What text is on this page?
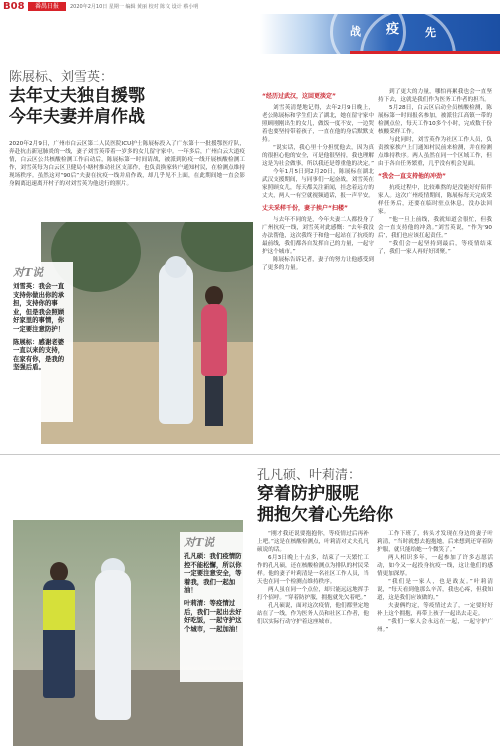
B08	番禺日报	2020年2月10日 星期一 编辑 黄丽 校对 陈文 设计 蔡小明
战 疫 先
陈展标、刘雪英：
去年丈夫独自援鄂
今年夫妻并肩作战
2020年2月9日，广州市白云区第二人民医院ICU护士陈展标投入了广东第十一批援鄂医疗队，奔赴抗击新冠肺炎的一线，妻子刘雪英带着一岁多的女儿留守家中。一年多后，广州白云大道疫情，白云区公共核酸检测工作启动后，陈展标第一时间请战，被派到防疫一线开展核酸检测工作，刘雪英每为白云区卫健局小塘村推动社区支部作，也负责换家转户通知村民，在检测点维持现场秩序。虽然这对“90后”夫妻在抗疫一线并肩作战，却几乎见不上面，在此期间她一直会影身隔离迅速离开村子的对刘雪英为他送行的照片。
对T说

刘雪英：我会一直支持你做出你的承担，支持你的事业，但是我会照顾好家里的事情，你一定要注意防护！

陈展标：感谢老婆一直以来的支持，在家有你，是我的坚强后盾。

“经历过武汉，这回更淡定”

刘雪英清楚地记得，去年2月9日晚上，老公陈展标和学生们去了湖北，她在留守家中照顾刚刚出生的女儿，做饭一度不安，一边哭着也要坚持带着孩子，一直在他的身后默默支持。

“说实话，我心里十分担忧他去，因为真的很担心他的安全，可是他很坚持，我也理解这是为社会做事，所以我还是尊重他的决定。”

今年1月5日到2月20日，陈展标在湖北武汉支援期间，与同事们一起奋战，刘雪英在家照顾女儿，每天都关注新闻，挂念着远方的丈夫，两人一有空就视频通话，报一声平安。

丈夫采样千份，妻子挨户“扫楼”

与去年不同的是，今年夫妻二人都投身了广州抗疫一线，刘雪英对此感慨：“去年我没办法帮他，这次我终于和他一起站在了抗疫的最前线，我们都各自发挥自己的力量，一起守护这个城市。”

陈展标告诉记者，妻子的努力让他感受到了更多的力量。

到了更大的力量，哪怕再累我也会一直坚持下去，这就是我们作为医务工作者的担当。

5月28日，白云区启动全员核酸检测，陈展标第一时间报名参加，被派往江高镇一带的检测点位，每天工作10多个小时，完成数千份核酸采样工作。

与此同时，刘雪英作为社区工作人员，负责挨家挨户上门通知村民前来检测，并在检测点维持秩序。两人虽然在同一个区域工作，但由于各自任务繁重，几乎没有机会见面。

“我会一直支持他的冲劲”

抗疫过程中，比较难熬的是没能好好陪伴家人。这次广州疫情期间，陈展标每天完成采样任务后，还要在临时驻点休息，没办法回家。

“他一旦上前线，我就知道会很忙，但我会一直支持他的冲劲。”刘雪英说，“作为‘90后’，我们也应该扛起责任。”

“我们会一起坚持到最后，等疫情结束了，我们一家人再好好团聚。”

孔凡硕、叶莉清：
穿着防护服呢
拥抱欠着心先给你
对T说

孔凡硕：我们疫情防控不能松懈，所以你一定要注意安全，等着我，我们一起加油！

叶莉清：等疫情过后，我们一起出去好好吃饭，一起守护这个城市，一起加油！

“刚才我还说要抱抱你，等疫情过后再补上吧。”这是在核酸检测点，叶莉清对丈夫孔凡硕说的话。

6月3日晚上十点多，结束了一天繁忙工作的孔凡硕，还在核酸检测点为排队的村民采样。他的妻子叶莉清是一名社区工作人员，当天也在同一个检测点维持秩序。

两人虽在同一个点位，却只能远远地挥手打个招呼。“穿着防护服，拥抱就先欠着吧。”

孔凡硕说，面对这次疫情，他们都坚定地站在了一线，作为医务人员和社区工作者，他们以实际行动守护着这座城市。

工作下班了，转头才发现在身边的妻子叶莉清，“当时就想去抱抱她，后来想到还穿着防护服，就只能给她一个微笑了。”

两人相识多年，一起参加了许多志愿活动，如今又一起投身抗疫一线，这让他们的感情更加深厚。

“我们是一家人，也是战友。”叶莉清说，“每天看到他那么辛苦，我也心疼，但我知道，这是我们应该做的。”

夫妻俩约定，等疫情过去了，一定要好好补上这个拥抱，再带上孩子一起出去走走。

“我们一家人会永远在一起，一起守护广州。”
